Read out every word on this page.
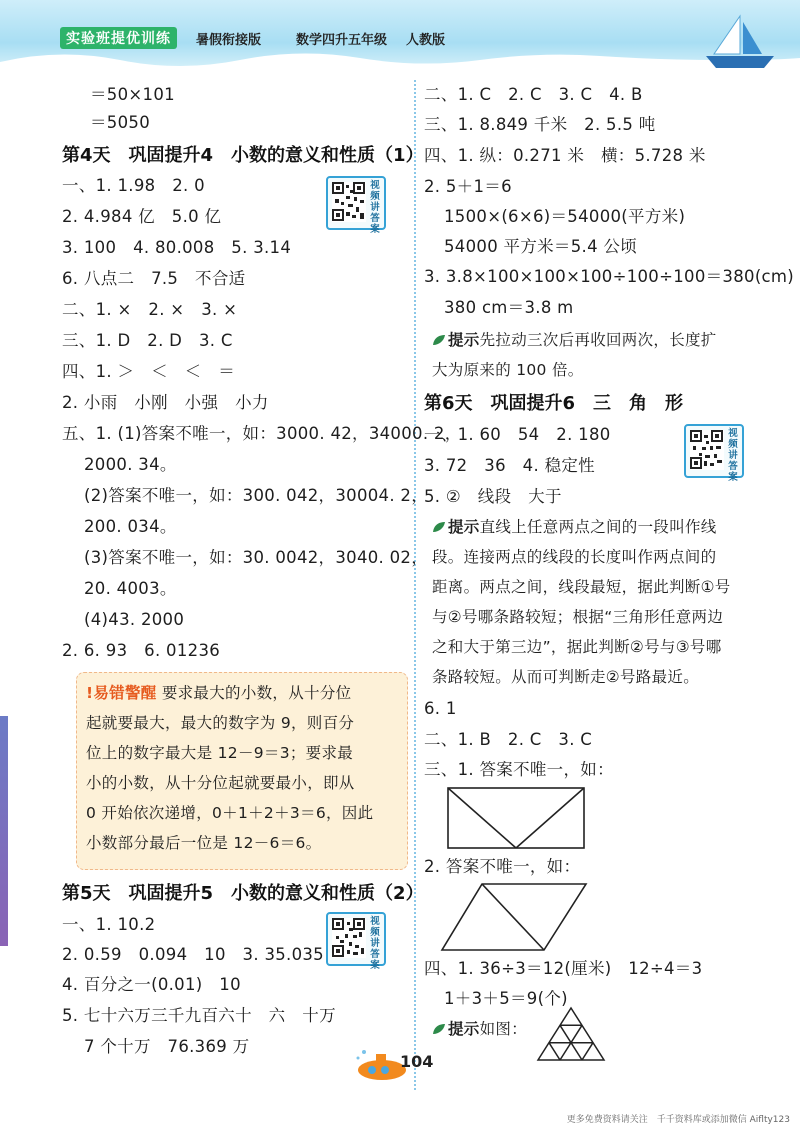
实验班提优训练	暑假衔接版	数学四升五年级 人教版
＝50×101
＝5050
第4天　巩固提升4　小数的意义和性质（1）
视频讲答案
一、1. 1.98　2. 0
2. 4.984 亿　5.0 亿
3. 100　4. 80.008　5. 3.14
6. 八点二　7.5　不合适
二、1. ×　2. ×　3. ×
三、1. D　2. D　3. C
四、1. ＞　＜　＜　＝
2. 小雨　小刚　小强　小力
五、1. (1)答案不唯一，如：3000. 42，34000. 2，
2000. 34。
(2)答案不唯一，如：300. 042，30004. 2，
200. 034。
(3)答案不唯一，如：30. 0042，3040. 02，
20. 4003。
(4)43. 2000
2. 6. 93　6. 01236
!易错警醒 要求最大的小数，从十分位
起就要最大，最大的数字为 9，则百分
位上的数字最大是 12－9＝3；要求最
小的小数，从十分位起就要最小，即从
0 开始依次递增，0＋1＋2＋3＝6，因此
小数部分最后一位是 12－6＝6。
第5天　巩固提升5　小数的意义和性质（2）
视频讲答案
一、1. 10.2
2. 0.59　0.094　10　3. 35.035
4. 百分之一(0.01)　10
5. 七十六万三千九百六十　六　十万
7 个十万　76.369 万
二、1. C　2. C　3. C　4. B
三、1. 8.849 千米　2. 5.5 吨
四、1. 纵：0.271 米　横：5.728 米
2. 5＋1＝6
1500×(6×6)＝54000(平方米)
54000 平方米＝5.4 公顷
3. 3.8×100×100×100÷100÷100＝380(cm)
380 cm＝3.8 m
提示先拉动三次后再收回两次，长度扩
大为原来的 100 倍。
第6天　巩固提升6　三　角　形
视频讲答案
一、1. 60　54　2. 180
3. 72　36　4. 稳定性
5. ②　线段　大于
提示直线上任意两点之间的一段叫作线
段。连接两点的线段的长度叫作两点间的
距离。两点之间，线段最短，据此判断①号
与②号哪条路较短；根据“三角形任意两边
之和大于第三边”，据此判断②号与③号哪
条路较短。从而可判断走②号路最近。
6. 1
二、1. B　2. C　3. C
三、1. 答案不唯一，如：
2. 答案不唯一，如：
四、1. 36÷3＝12(厘米)　12÷4＝3
1＋3＋5＝9(个)
提示如图：
104
更多免费资料请关注　千千资料库或添加微信 Aiflty123
